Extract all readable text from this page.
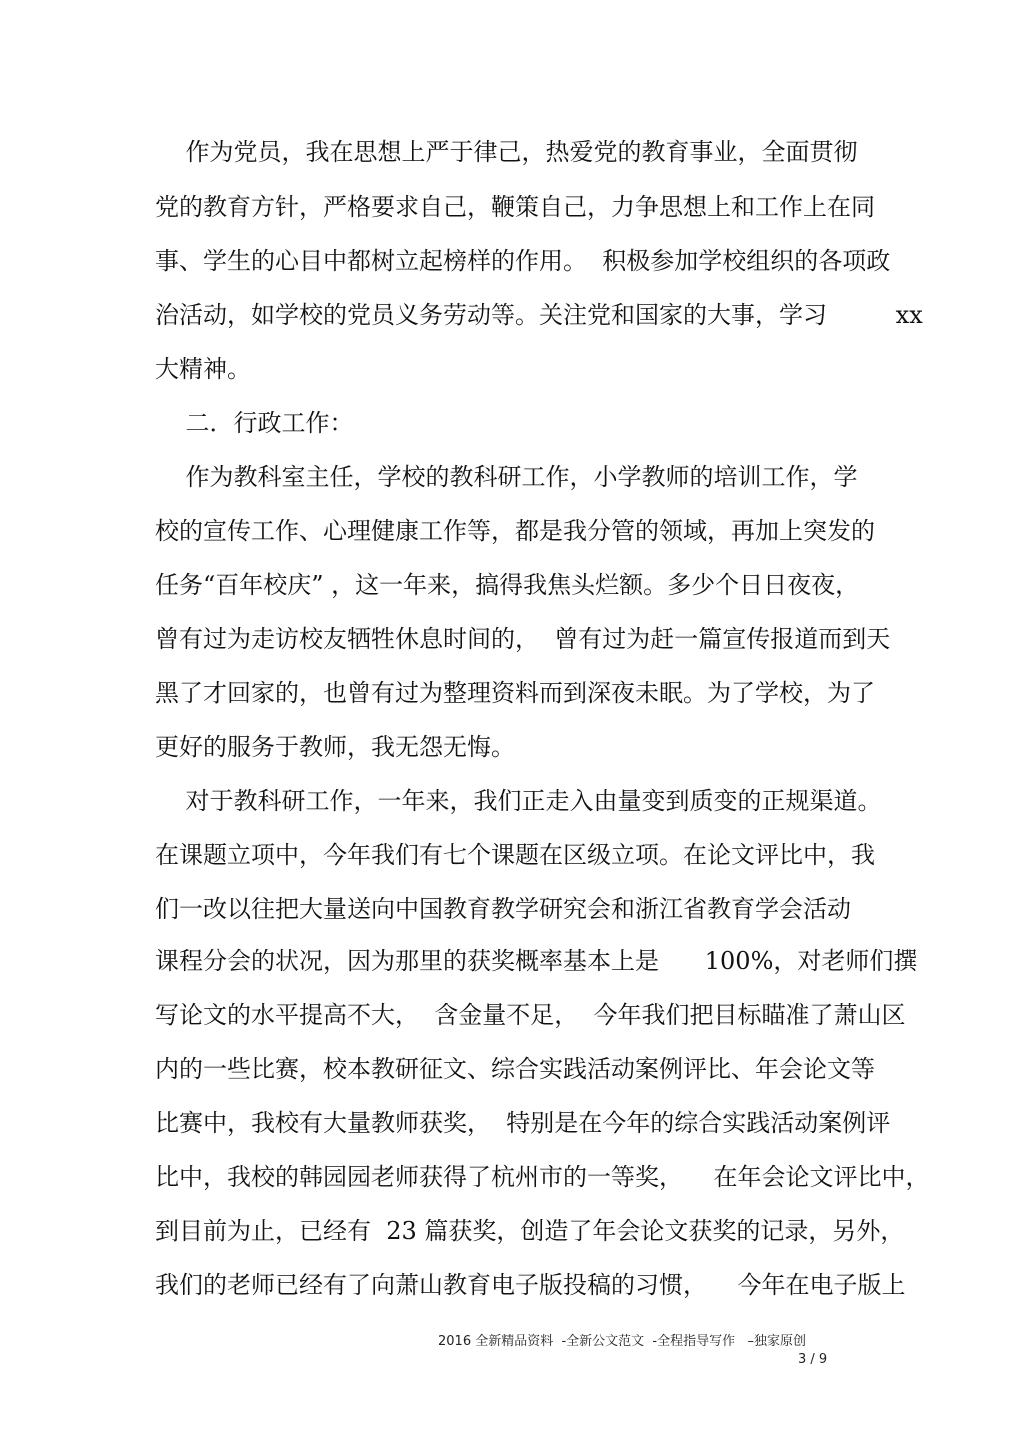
作为党员，我在思想上严于律己，热爱党的教育事业，全面贯彻
党的教育方针，严格要求自己，鞭策自己，力争思想上和工作上在同
事、学生的心目中都树立起榜样的作用。  积极参加学校组织的各项政
治活动，如学校的党员义务劳动等。关注党和国家的大事，学习         xx
大精神。
二．行政工作：
作为教科室主任，学校的教科研工作，小学教师的培训工作，学
校的宣传工作、心理健康工作等，都是我分管的领域，再加上突发的
任务“百年校庆” ，这一年来，搞得我焦头烂额。多少个日日夜夜，
曾有过为走访校友牺牲休息时间的，  曾有过为赶一篇宣传报道而到天
黑了才回家的，也曾有过为整理资料而到深夜未眠。为了学校，为了
更好的服务于教师，我无怨无悔。
对于教科研工作，一年来，我们正走入由量变到质变的正规渠道。
在课题立项中，今年我们有七个课题在区级立项。在论文评比中，我
们一改以往把大量送向中国教育教学研究会和浙江省教育学会活动
课程分会的状况，因为那里的获奖概率基本上是      100%，对老师们撰
写论文的水平提高不大，  含金量不足，  今年我们把目标瞄准了萧山区
内的一些比赛，校本教研征文、综合实践活动案例评比、年会论文等
比赛中，我校有大量教师获奖，  特别是在今年的综合实践活动案例评
比中，我校的韩园园老师获得了杭州市的一等奖，    在年会论文评比中，
到目前为止，已经有  23 篇获奖，创造了年会论文获奖的记录，另外，
我们的老师已经有了向萧山教育电子版投稿的习惯，    今年在电子版上
2016 全新精品资料  -全新公文范文  -全程指导写作   –独家原创
3 / 9
